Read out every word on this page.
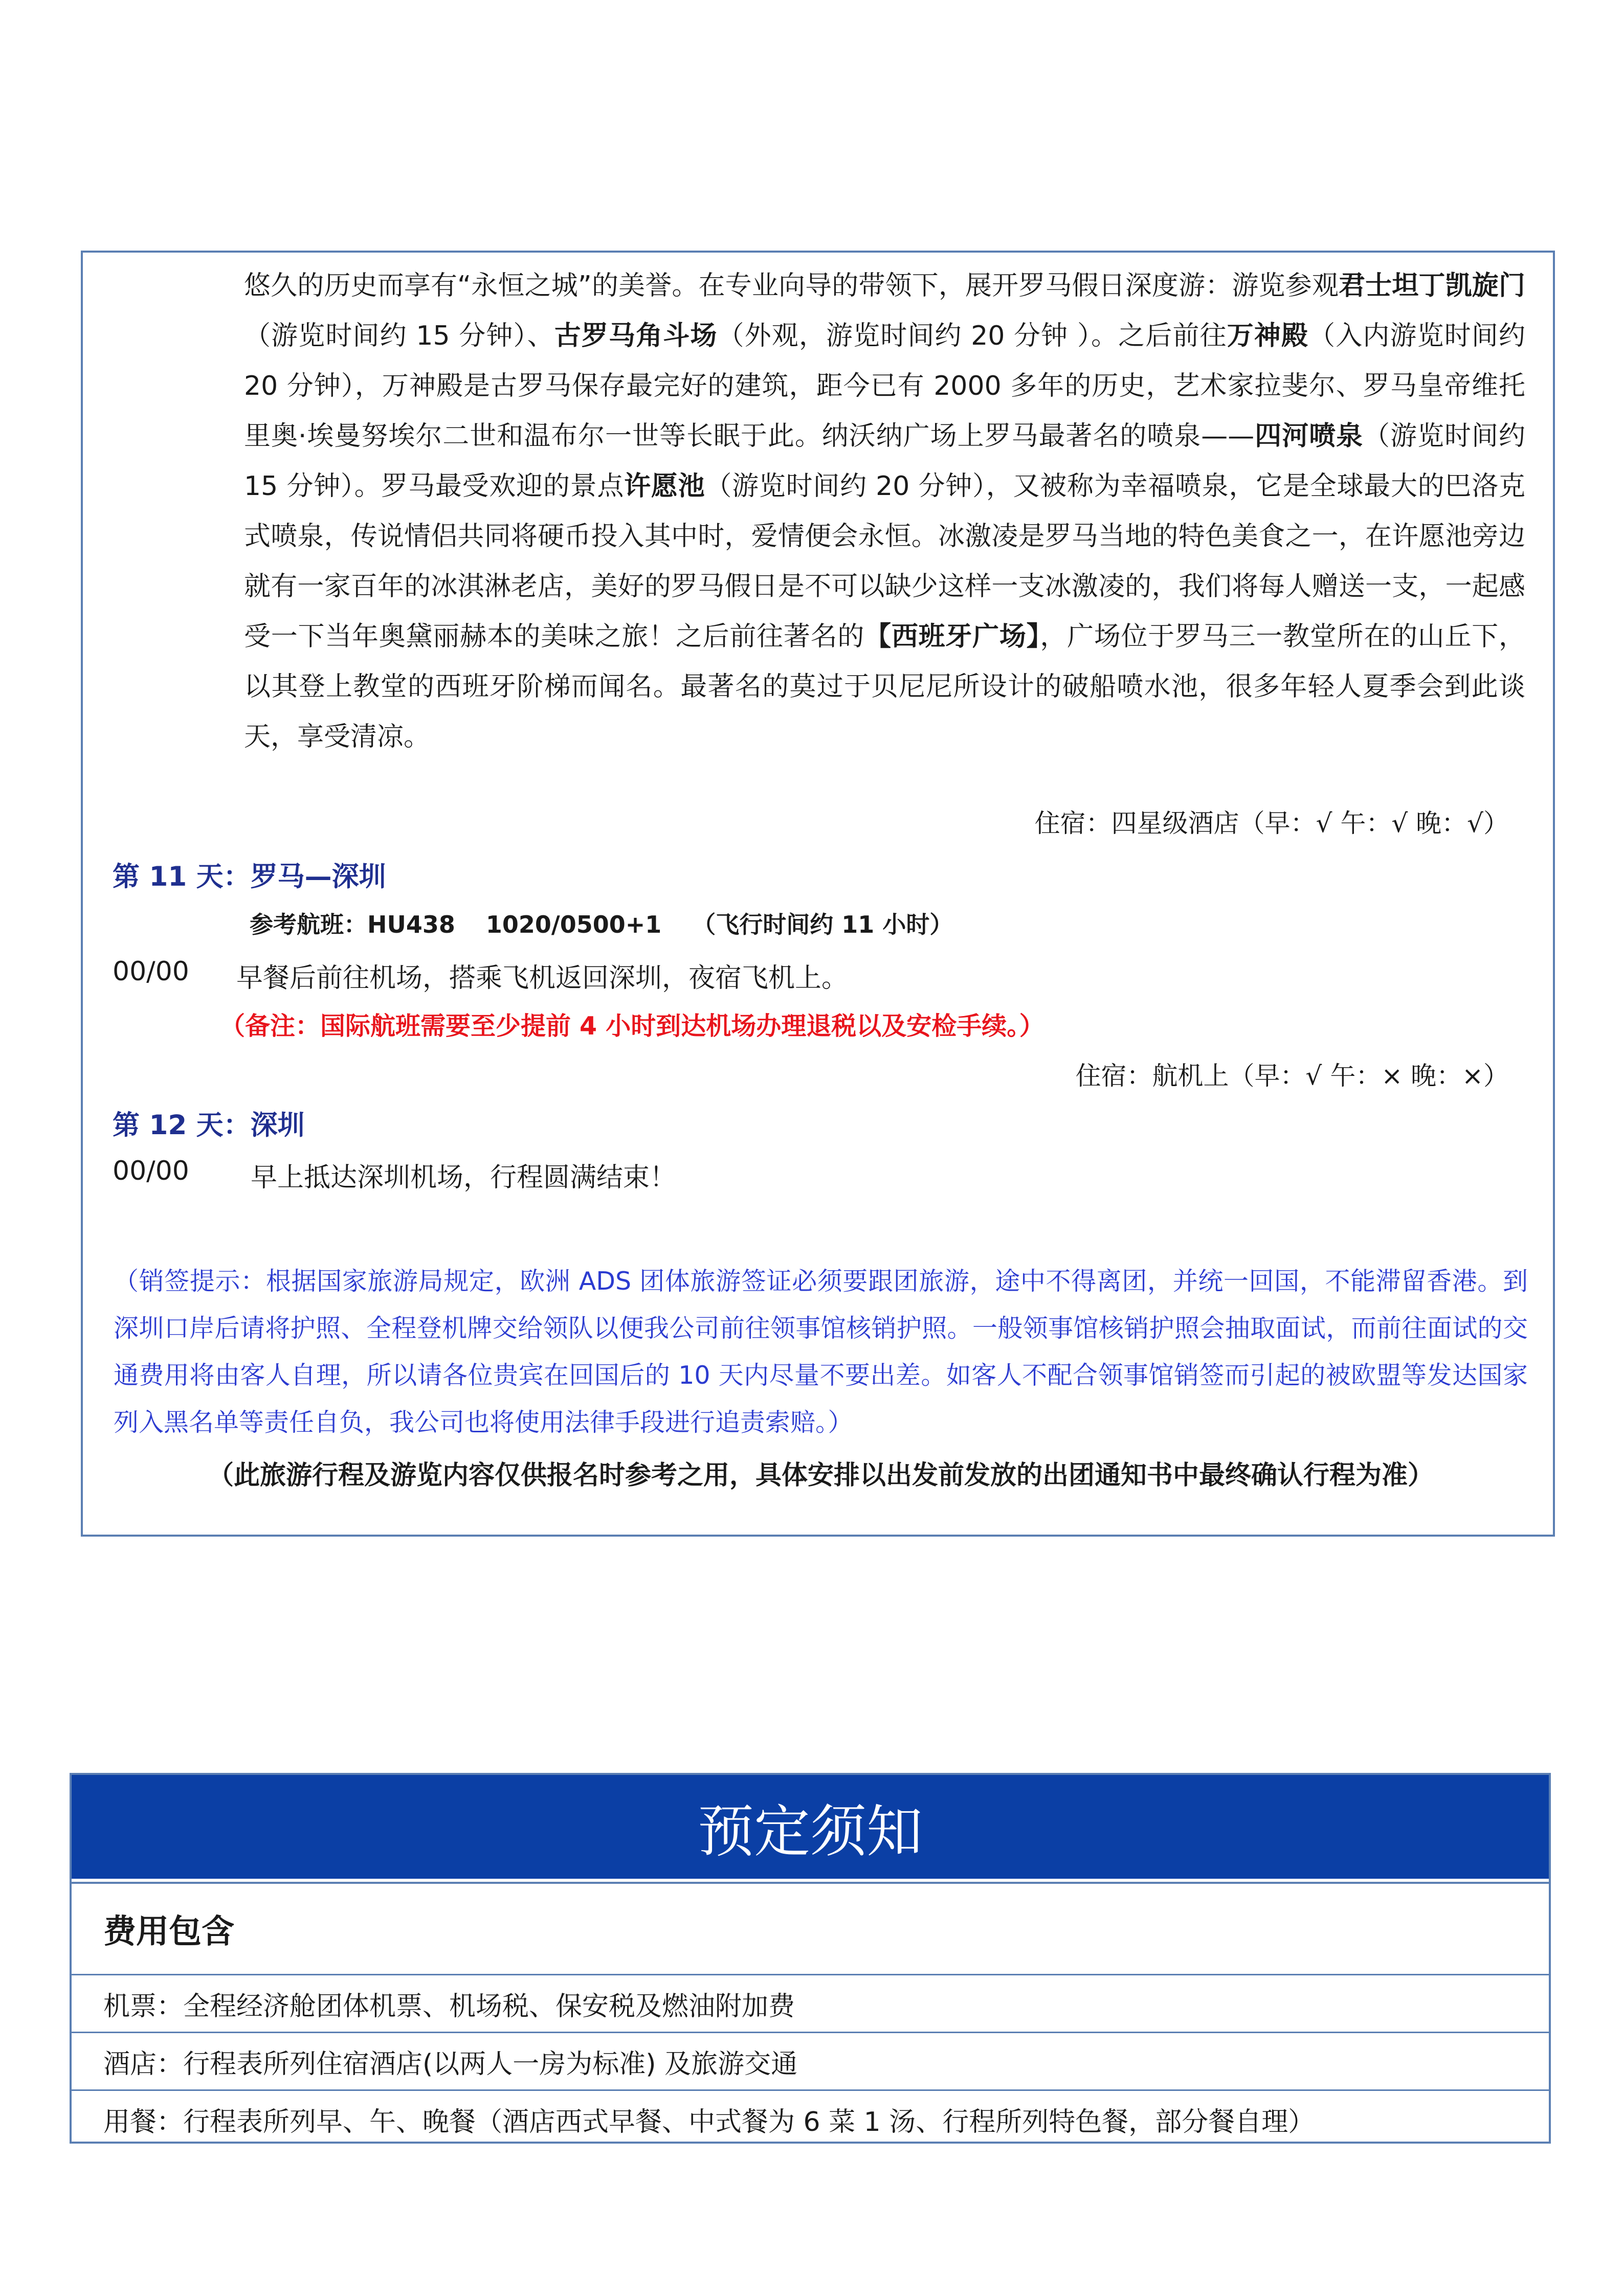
悠久的历史而享有“永恒之城”的美誉。在专业向导的带领下，展开罗马假日深度游：游览参观君士坦丁凯旋门（游览时间约 15 分钟）、古罗马角斗场（外观，游览时间约 20 分钟 ）。之后前往万神殿（入内游览时间约 20 分钟），万神殿是古罗马保存最完好的建筑，距今已有 2000 多年的历史，艺术家拉斐尔、罗马皇帝维托里奥·埃曼努埃尔二世和温布尔一世等长眠于此。纳沃纳广场上罗马最著名的喷泉——四河喷泉（游览时间约 15 分钟）。罗马最受欢迎的景点许愿池（游览时间约 20 分钟），又被称为幸福喷泉，它是全球最大的巴洛克式喷泉，传说情侣共同将硬币投入其中时，爱情便会永恒。冰激凌是罗马当地的特色美食之一，在许愿池旁边就有一家百年的冰淇淋老店，美好的罗马假日是不可以缺少这样一支冰激凌的，我们将每人赠送一支，一起感受一下当年奥黛丽赫本的美味之旅！之后前往著名的【西班牙广场】，广场位于罗马三一教堂所在的山丘下，以其登上教堂的西班牙阶梯而闻名。最著名的莫过于贝尼尼所设计的破船喷水池，很多年轻人夏季会到此谈天，享受清凉。

住宿：四星级酒店（早：√ 午：√ 晚：√）
第 11 天：罗马—深圳
参考航班：HU438 1020/0500+1 （飞行时间约 11 小时）
00/00 早餐后前往机场，搭乘飞机返回深圳，夜宿飞机上。
（备注：国际航班需要至少提前 4 小时到达机场办理退税以及安检手续。）
住宿：航机上（早：√ 午：× 晚：×）
第 12 天：深圳
00/00 早上抵达深圳机场，行程圆满结束！

（销签提示：根据国家旅游局规定，欧洲 ADS 团体旅游签证必须要跟团旅游，途中不得离团，并统一回国，不能滞留香港。到深圳口岸后请将护照、全程登机牌交给领队以便我公司前往领事馆核销护照。一般领事馆核销护照会抽取面试，而前往面试的交通费用将由客人自理，所以请各位贵宾在回国后的 10 天内尽量不要出差。如客人不配合领事馆销签而引起的被欧盟等发达国家列入黑名单等责任自负，我公司也将使用法律手段进行追责索赔。）

（此旅游行程及游览内容仅供报名时参考之用，具体安排以出发前发放的出团通知书中最终确认行程为准）
预定须知
费用包含
机票：全程经济舱团体机票、机场税、保安税及燃油附加费
酒店：行程表所列住宿酒店(以两人一房为标准) 及旅游交通
用餐：行程表所列早、午、晚餐（酒店西式早餐、中式餐为 6 菜 1 汤、行程所列特色餐，部分餐自理）
